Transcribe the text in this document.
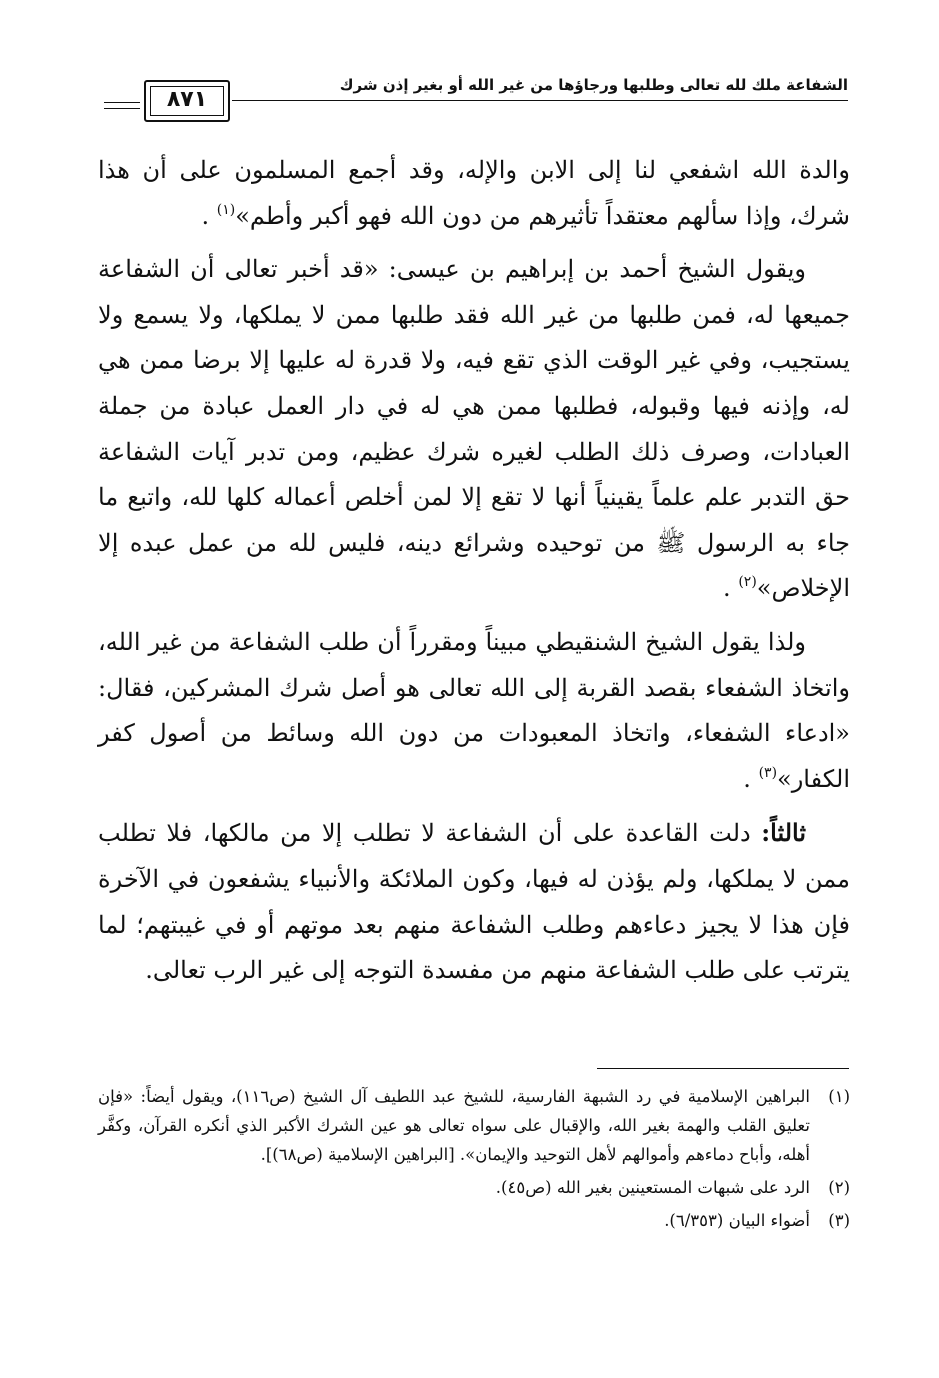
الشفاعة ملك لله تعالى وطلبها ورجاؤها من غير الله أو بغير إذن شرك
٨٧١

والدة الله اشفعي لنا إلى الابن والإله، وقد أجمع المسلمون على أن هذا شرك، وإذا سألهم معتقداً تأثيرهم من دون الله فهو أكبر وأطم»$^{(١)}$ .

ويقول الشيخ أحمد بن إبراهيم بن عيسى: «قد أخبر تعالى أن الشفاعة جميعها له، فمن طلبها من غير الله فقد طلبها ممن لا يملكها، ولا يسمع ولا يستجيب، وفي غير الوقت الذي تقع فيه، ولا قدرة له عليها إلا برضا ممن هي له، وإذنه فيها وقبوله، فطلبها ممن هي له في دار العمل عبادة من جملة العبادات، وصرف ذلك الطلب لغيره شرك عظيم، ومن تدبر آيات الشفاعة حق التدبر علم علماً يقينياً أنها لا تقع إلا لمن أخلص أعماله كلها لله، واتبع ما جاء به الرسول ﷺ من توحيده وشرائع دينه، فليس لله من عمل عبده إلا الإخلاص»$^{(٢)}$ .

ولذا يقول الشيخ الشنقيطي مبيناً ومقرراً أن طلب الشفاعة من غير الله، واتخاذ الشفعاء بقصد القربة إلى الله تعالى هو أصل شرك المشركين، فقال: «ادعاء الشفعاء، واتخاذ المعبودات من دون الله وسائط من أصول كفر الكفار»$^{(٣)}$ .

ثالثاً: دلت القاعدة على أن الشفاعة لا تطلب إلا من مالكها، فلا تطلب ممن لا يملكها، ولم يؤذن له فيها، وكون الملائكة والأنبياء يشفعون في الآخرة فإن هذا لا يجيز دعاءهم وطلب الشفاعة منهم بعد موتهم أو في غيبتهم؛ لما يترتب على طلب الشفاعة منهم من مفسدة التوجه إلى غير الرب تعالى.

(١)
البراهين الإسلامية في رد الشبهة الفارسية، للشيخ عبد اللطيف آل الشيخ (ص١١٦)، ويقول أيضاً: «فإن تعليق القلب والهمة بغير الله، والإقبال على سواه تعالى هو عين الشرك الأكبر الذي أنكره القرآن، وكفَّر أهله، وأباح دماءهم وأموالهم لأهل التوحيد والإيمان». [البراهين الإسلامية (ص٦٨)].
(٢)
الرد على شبهات المستعينين بغير الله (ص٤٥).
(٣)
أضواء البيان (٦/٣٥٣).
